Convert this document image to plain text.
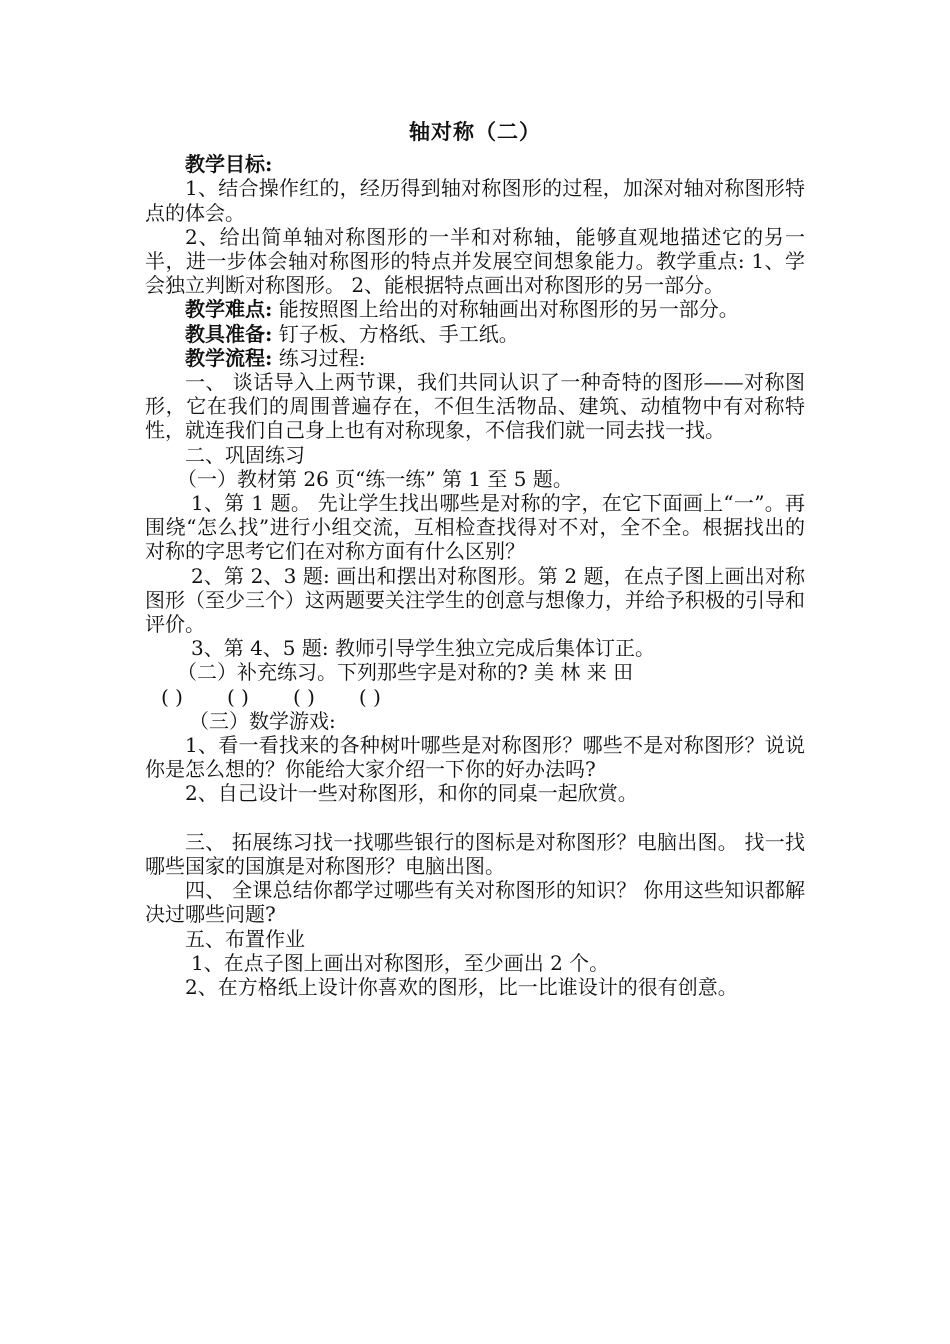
轴对称（二）

教学目标:

1、结合操作红的，经历得到轴对称图形的过程，加深对轴对称图形特点的体会。

2、给出简单轴对称图形的一半和对称轴，能够直观地描述它的另一半，进一步体会轴对称图形的特点并发展空间想象能力。教学重点: 1、学会独立判断对称图形。 2、能根据特点画出对称图形的另一部分。

教学难点: 能按照图上给出的对称轴画出对称图形的另一部分。

教具准备: 钉子板、方格纸、手工纸。

教学流程: 练习过程:

一、 谈话导入上两节课，我们共同认识了一种奇特的图形——对称图形，它在我们的周围普遍存在，不但生活物品、建筑、动植物中有对称特性，就连我们自己身上也有对称现象，不信我们就一同去找一找。

二、巩固练习

（一）教材第 26 页“练一练” 第 1 至 5 题。

1、第 1 题。 先让学生找出哪些是对称的字，在它下面画上“一”。再围绕“怎么找”进行小组交流，互相检查找得对不对，全不全。根据找出的对称的字思考它们在对称方面有什么区别？

2、第 2、3 题: 画出和摆出对称图形。第 2 题，在点子图上画出对称图形（至少三个）这两题要关注学生的创意与想像力，并给予积极的引导和评价。

3、第 4、5 题: 教师引导学生独立完成后集体订正。

（二）补充练习。下列那些字是对称的? 美 林 来 田

( ) ( ) ( ) ( )

（三）数学游戏:

1、看一看找来的各种树叶哪些是对称图形？哪些不是对称图形？说说你是怎么想的？你能给大家介绍一下你的好办法吗?

2、自己设计一些对称图形，和你的同桌一起欣赏。

三、 拓展练习找一找哪些银行的图标是对称图形？电脑出图。 找一找哪些国家的国旗是对称图形？电脑出图。

四、 全课总结你都学过哪些有关对称图形的知识？ 你用这些知识都解决过哪些问题?

五、布置作业

1、在点子图上画出对称图形，至少画出 2 个。

2、在方格纸上设计你喜欢的图形，比一比谁设计的很有创意。
